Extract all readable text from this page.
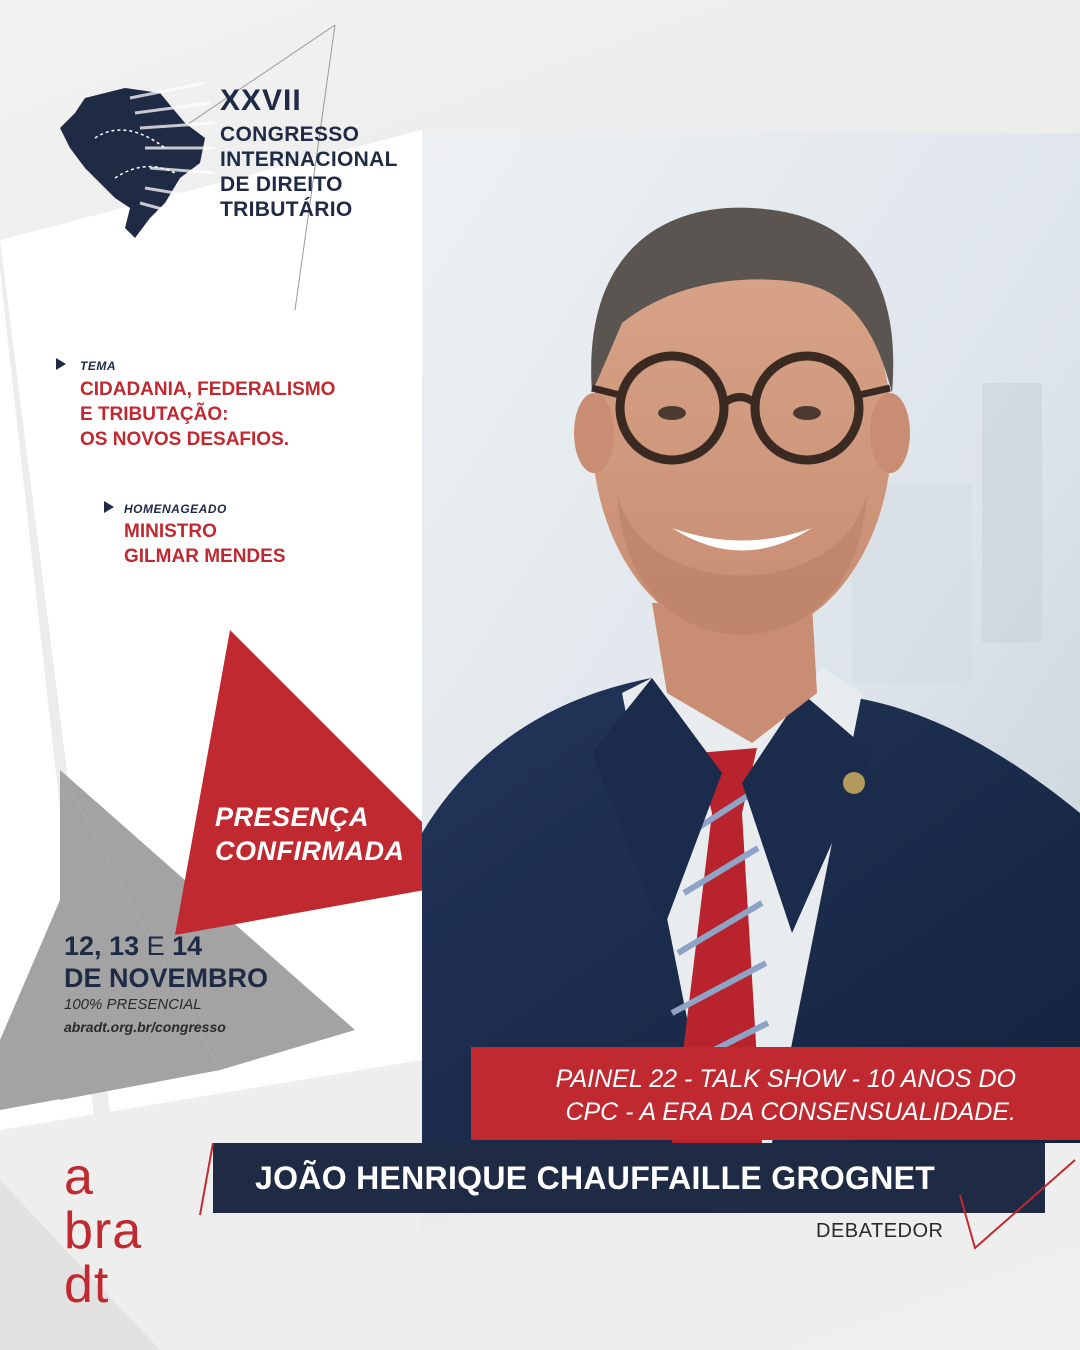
XXVII
CONGRESSO
INTERNACIONAL
DE DIREITO
TRIBUTÁRIO
TEMA
CIDADANIA, FEDERALISMO
E TRIBUTAÇÃO:
OS NOVOS DESAFIOS.
HOMENAGEADO
MINISTRO
GILMAR MENDES
PRESENÇA
CONFIRMADA
12, 13 E 14
DE NOVEMBRO
100% PRESENCIAL
abradt.org.br/congresso
a
bra
dt
PAINEL 22 - TALK SHOW - 10 ANOS DO
CPC - A ERA DA CONSENSUALIDADE.
JOÃO HENRIQUE CHAUFFAILLE GROGNET
DEBATEDOR
